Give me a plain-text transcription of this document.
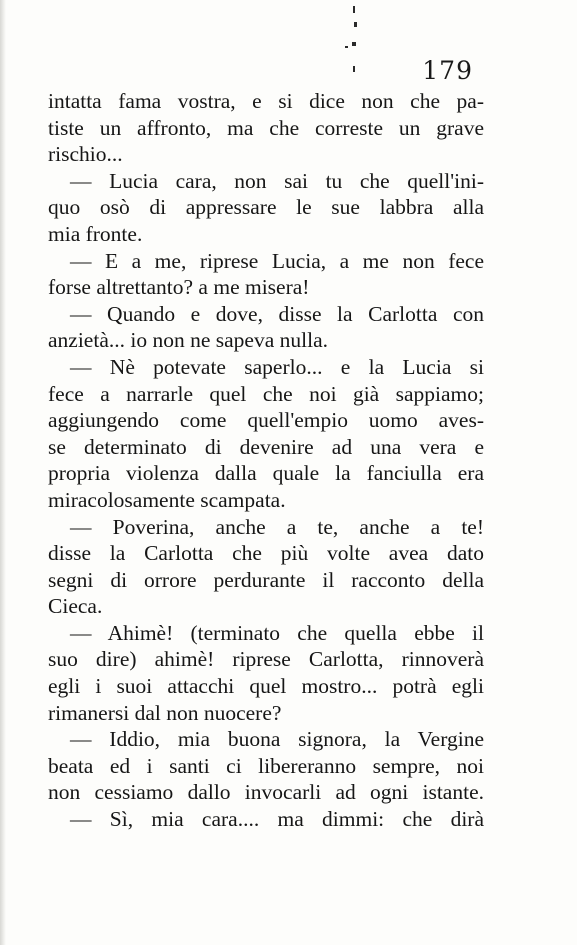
179
intatta fama vostra, e si dice non che pa-
tiste un affronto, ma che correste un grave
rischio...
— Lucia cara, non sai tu che quell'ini-
quo osò di appressare le sue labbra alla
mia fronte.
— E a me, riprese Lucia, a me non fece
forse altrettanto? a me misera!
— Quando e dove, disse la Carlotta con
anzietà... io non ne sapeva nulla.
— Nè potevate saperlo... e la Lucia si
fece a narrarle quel che noi già sappiamo;
aggiungendo come quell'empio uomo aves-
se determinato di devenire ad una vera e
propria violenza dalla quale la fanciulla era
miracolosamente scampata.
— Poverina, anche a te, anche a te!
disse la Carlotta che più volte avea dato
segni di orrore perdurante il racconto della
Cieca.
— Ahimè! (terminato che quella ebbe il
suo dire) ahimè! riprese Carlotta, rinnoverà
egli i suoi attacchi quel mostro... potrà egli
rimanersi dal non nuocere?
— Iddio, mia buona signora, la Vergine
beata ed i santi ci libereranno sempre, noi
non cessiamo dallo invocarli ad ogni istante.
— Sì, mia cara.... ma dimmi: che dirà
